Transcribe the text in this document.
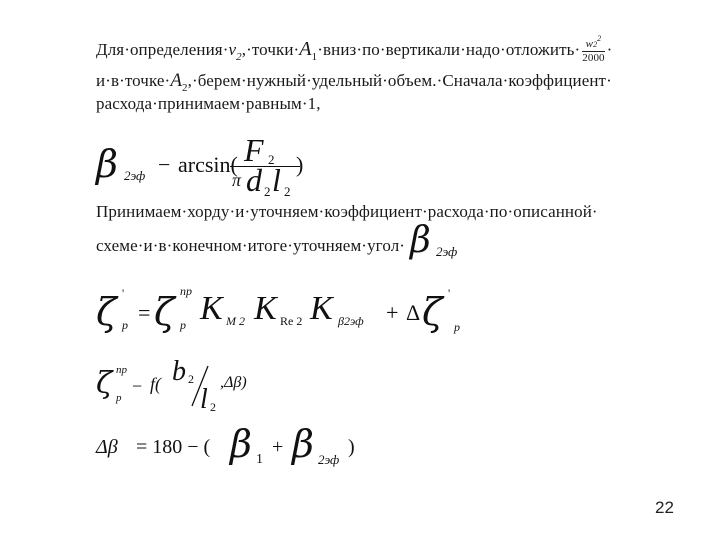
$Для\cdot определения\cdot v_2,\cdot точки\cdot A_1\cdot вниз\cdot по\cdot вертикали\cdot надо\cdot отложить\cdot \frac{w2^2}{2000}$ ·
$и\cdot в\cdot точке\cdot A_2,\cdot берем\cdot нужный\cdot удельный\cdot объем.\cdot Сначала\cdot коэффициент\cdot$
расхода·принимаем·равным·1,
β 2эф − arcsin( F 2
π d 2 l 2
)
Принимаем·хорду·и·уточняем·коэффициент·расхода·по·описанной·
схеме·и·в·конечном·итоге·уточняем·угол· β 2эф
ζ '
р = ζ пр
р K M 2 K Re 2 K β2эф + Δ ζ '
р
ζ пр
р
− f( b 2
l 2
,Δβ)
Δβ = 180 − ( β 1
+ β 2эф
)
22
